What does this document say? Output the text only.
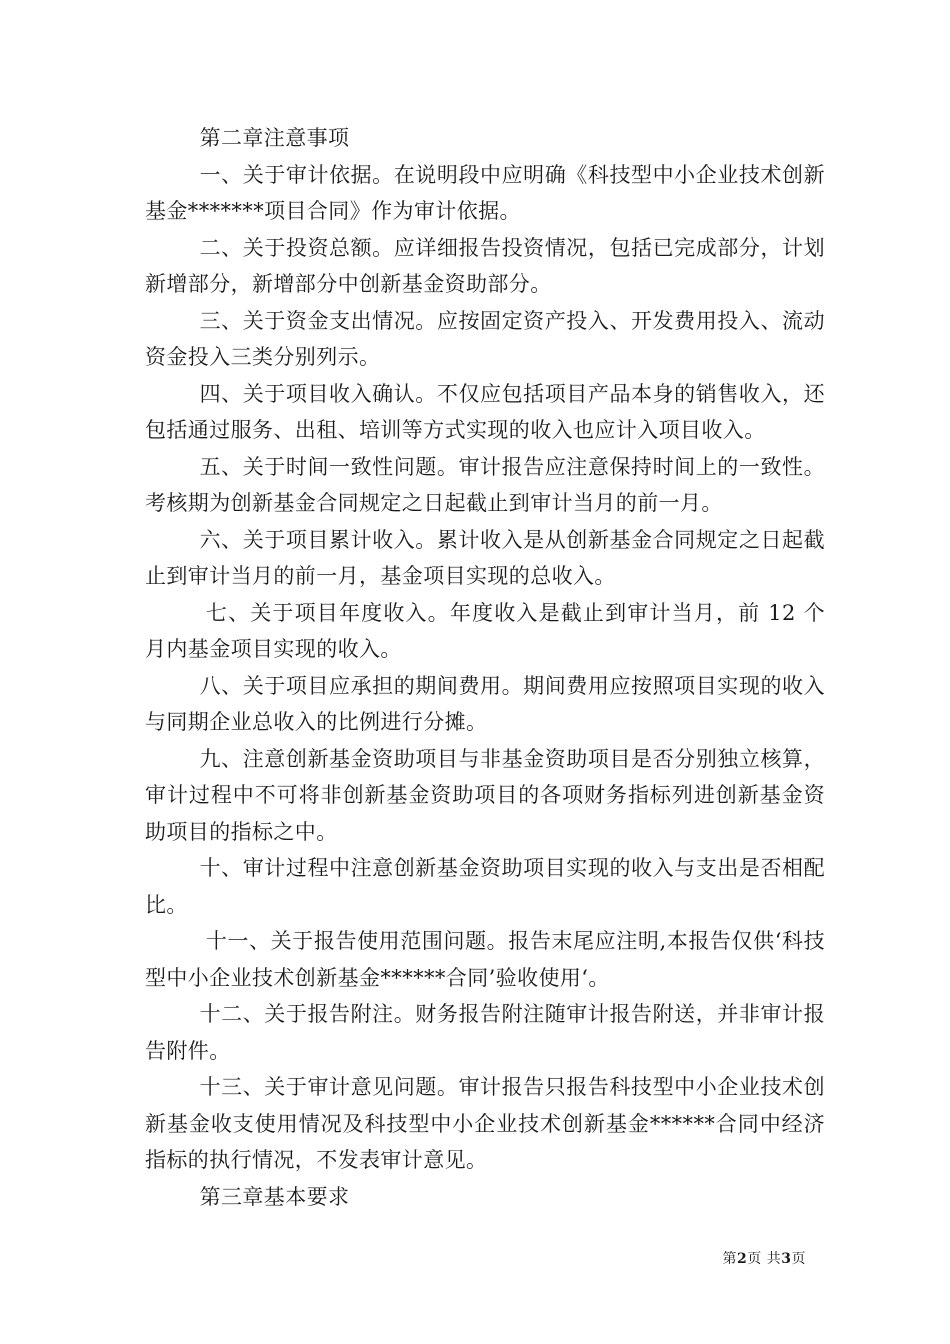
第二章注意事项

一、关于审计依据。在说明段中应明确《科技型中小企业技术创新基金*******项目合同》作为审计依据。

二、关于投资总额。应详细报告投资情况，包括已完成部分，计划新增部分，新增部分中创新基金资助部分。

三、关于资金支出情况。应按固定资产投入、开发费用投入、流动资金投入三类分别列示。

四、关于项目收入确认。不仅应包括项目产品本身的销售收入，还包括通过服务、出租、培训等方式实现的收入也应计入项目收入。

五、关于时间一致性问题。审计报告应注意保持时间上的一致性。考核期为创新基金合同规定之日起截止到审计当月的前一月。

六、关于项目累计收入。累计收入是从创新基金合同规定之日起截止到审计当月的前一月，基金项目实现的总收入。

七、关于项目年度收入。年度收入是截止到审计当月，前 12 个月内基金项目实现的收入。

八、关于项目应承担的期间费用。期间费用应按照项目实现的收入与同期企业总收入的比例进行分摊。

九、注意创新基金资助项目与非基金资助项目是否分别独立核算，审计过程中不可将非创新基金资助项目的各项财务指标列进创新基金资助项目的指标之中。

十、审计过程中注意创新基金资助项目实现的收入与支出是否相配比。

十一、关于报告使用范围问题。报告末尾应注明,本报告仅供‘科技型中小企业技术创新基金******合同’验收使用‘。

十二、关于报告附注。财务报告附注随审计报告附送，并非审计报告附件。

十三、关于审计意见问题。审计报告只报告科技型中小企业技术创新基金收支使用情况及科技型中小企业技术创新基金******合同中经济指标的执行情况，不发表审计意见。

第三章基本要求

第2页 共3页
